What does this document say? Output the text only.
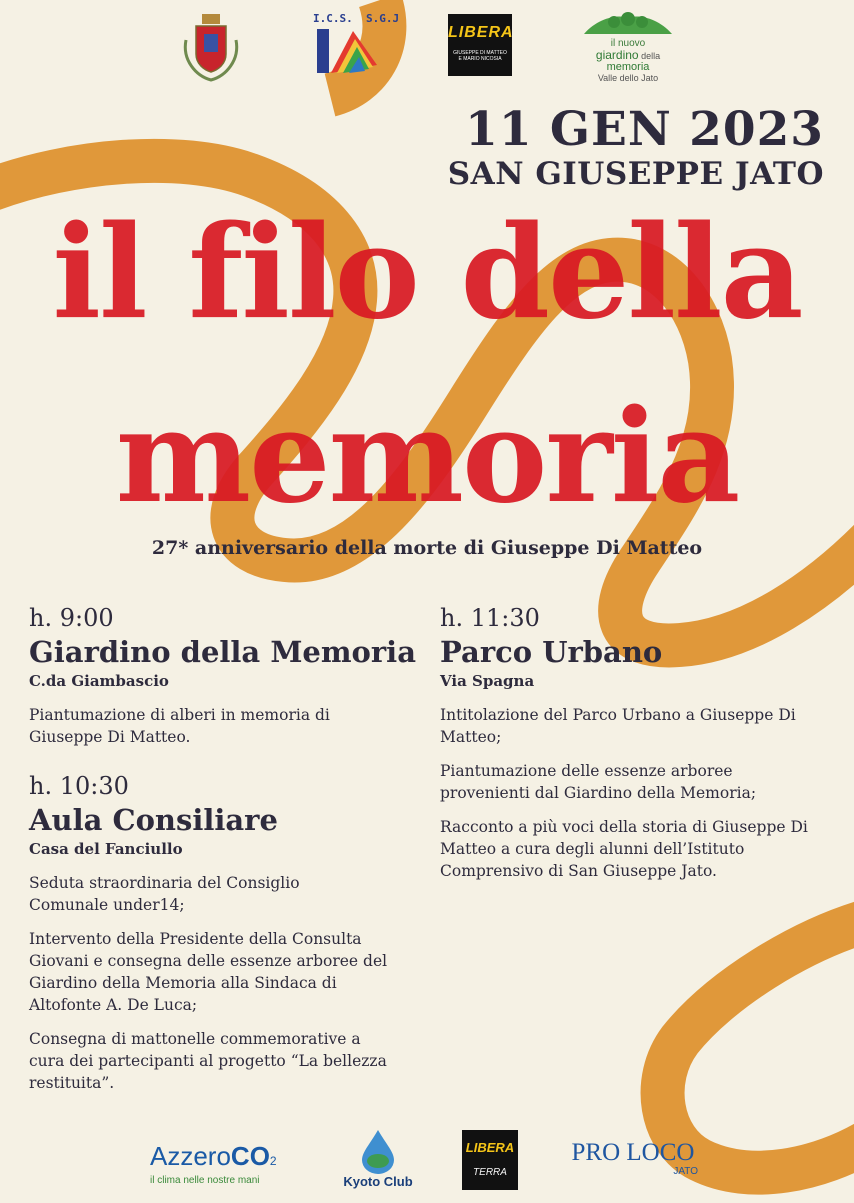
I.C.S.  S.G.J
LIBERA
GIUSEPPE DI MATTEO
E MARIO NICOSIA
il nuovo
giardino della
memoria
Valle dello Jato
11 GEN 2023
SAN GIUSEPPE JATO
il filo della
memoria
27* anniversario della morte di Giuseppe Di Matteo
h. 9:00
Giardino della Memoria
C.da Giambascio
Piantumazione di alberi in memoria di Giuseppe Di Matteo.
h. 10:30
Aula Consiliare
Casa del Fanciullo
Seduta straordinaria del Consiglio Comunale under14;
Intervento della Presidente della Consulta Giovani e consegna delle essenze arboree del Giardino della Memoria alla Sindaca di Altofonte A. De Luca;
Consegna di mattonelle commemorative a cura dei partecipanti al progetto “La bellezza restituita”.
h. 11:30
Parco Urbano
Via Spagna
Intitolazione del Parco Urbano a Giuseppe Di Matteo;
Piantumazione delle essenze arboree provenienti dal Giardino della Memoria;
Racconto a più voci della storia di Giuseppe Di Matteo a cura degli alunni dell’Istituto Comprensivo di San Giuseppe Jato.
AzzeroCO2
il clima nelle nostre mani	Kyoto Club
LIBERA
TERRA
PRO LOCO
JATO
